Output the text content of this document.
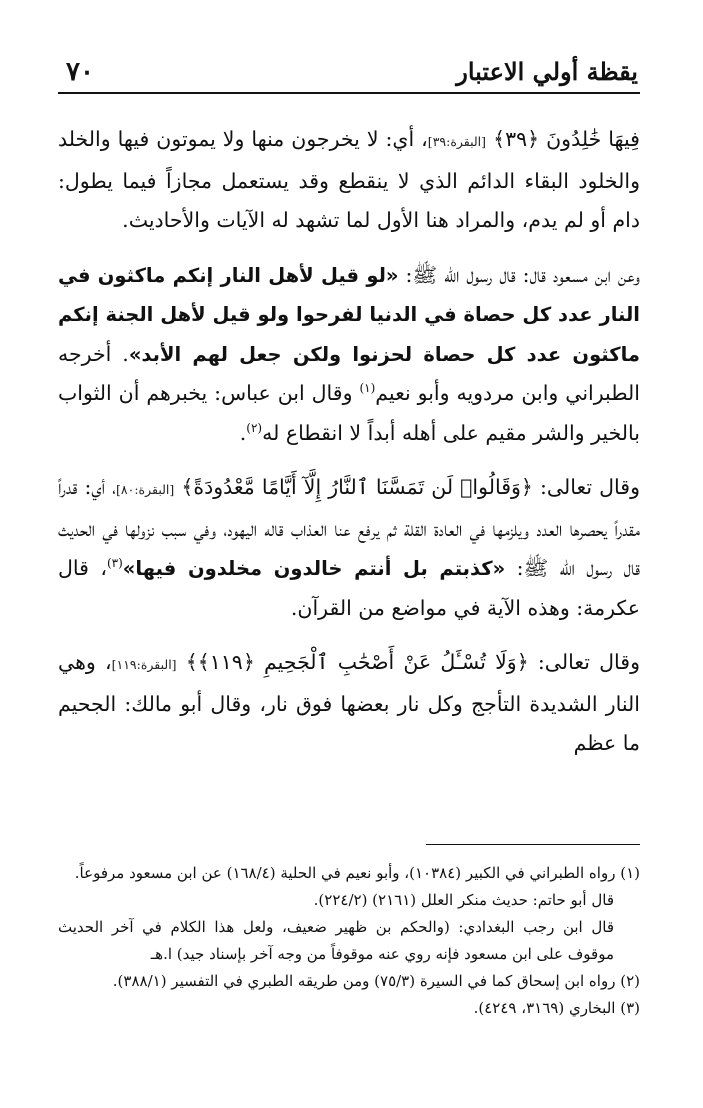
يقظة أولي الاعتبار
٧٠

فِيهَا خَٰلِدُونَ ﴿٣٩﴾ [البقرة:٣٩]، أي: لا يخرجون منها ولا يموتون فيها والخلد والخلود البقاء الدائم الذي لا ينقطع وقد يستعمل مجازاً فيما يطول: دام أو لم يدم، والمراد هنا الأول لما تشهد له الآيات والأحاديث.

وعن ابن مسعود قال: قال رسول الله ﷺ: «لو قيل لأهل النار إنكم ماكثون في النار عدد كل حصاة في الدنيا لفرحوا ولو قيل لأهل الجنة إنكم ماكثون عدد كل حصاة لحزنوا ولكن جعل لهم الأبد». أخرجه الطبراني وابن مردويه وأبو نعيم$^{(١)}$ وقال ابن عباس: يخبرهم أن الثواب بالخير والشر مقيم على أهله أبداً لا انقطاع له$^{(٢)}$.

وقال تعالى: ﴿وَقَالُوا۟ لَن تَمَسَّنَا ٱلنَّارُ إِلَّآ أَيَّامًا مَّعْدُودَةً﴾ [البقرة:٨٠]، أي: قدراً مقدراً يحصرها العدد ويلزمها في العادة القلة ثم يرفع عنا العذاب قاله اليهود، وفي سبب نزولها في الحديث قال رسول الله ﷺ: «كذبتم بل أنتم خالدون مخلدون فيها»$^{(٣)}$، قال عكرمة: وهذه الآية في مواضع من القرآن.

وقال تعالى: ﴿وَلَا تُسْـَٔلُ عَنْ أَصْحَٰبِ ٱلْجَحِيمِ ﴿١١٩﴾﴾ [البقرة:١١٩]، وهي النار الشديدة التأجج وكل نار بعضها فوق نار، وقال أبو مالك: الجحيم ما عظم

(١) رواه الطبراني في الكبير (١٠٣٨٤)، وأبو نعيم في الحلية (١٦٨/٤) عن ابن مسعود مرفوعاً.

قال أبو حاتم: حديث منكر العلل (٢١٦١) (٢٢٤/٢).

قال ابن رجب البغدادي: (والحكم بن ظهير ضعيف، ولعل هذا الكلام في آخر الحديث موقوف على ابن مسعود فإنه روي عنه موقوفاً من وجه آخر بإسناد جيد) ا.هـ

(٢) رواه ابن إسحاق كما في السيرة (٧٥/٣) ومن طريقه الطبري في التفسير (٣٨٨/١).

(٣) البخاري (٣١٦٩، ٤٢٤٩).
